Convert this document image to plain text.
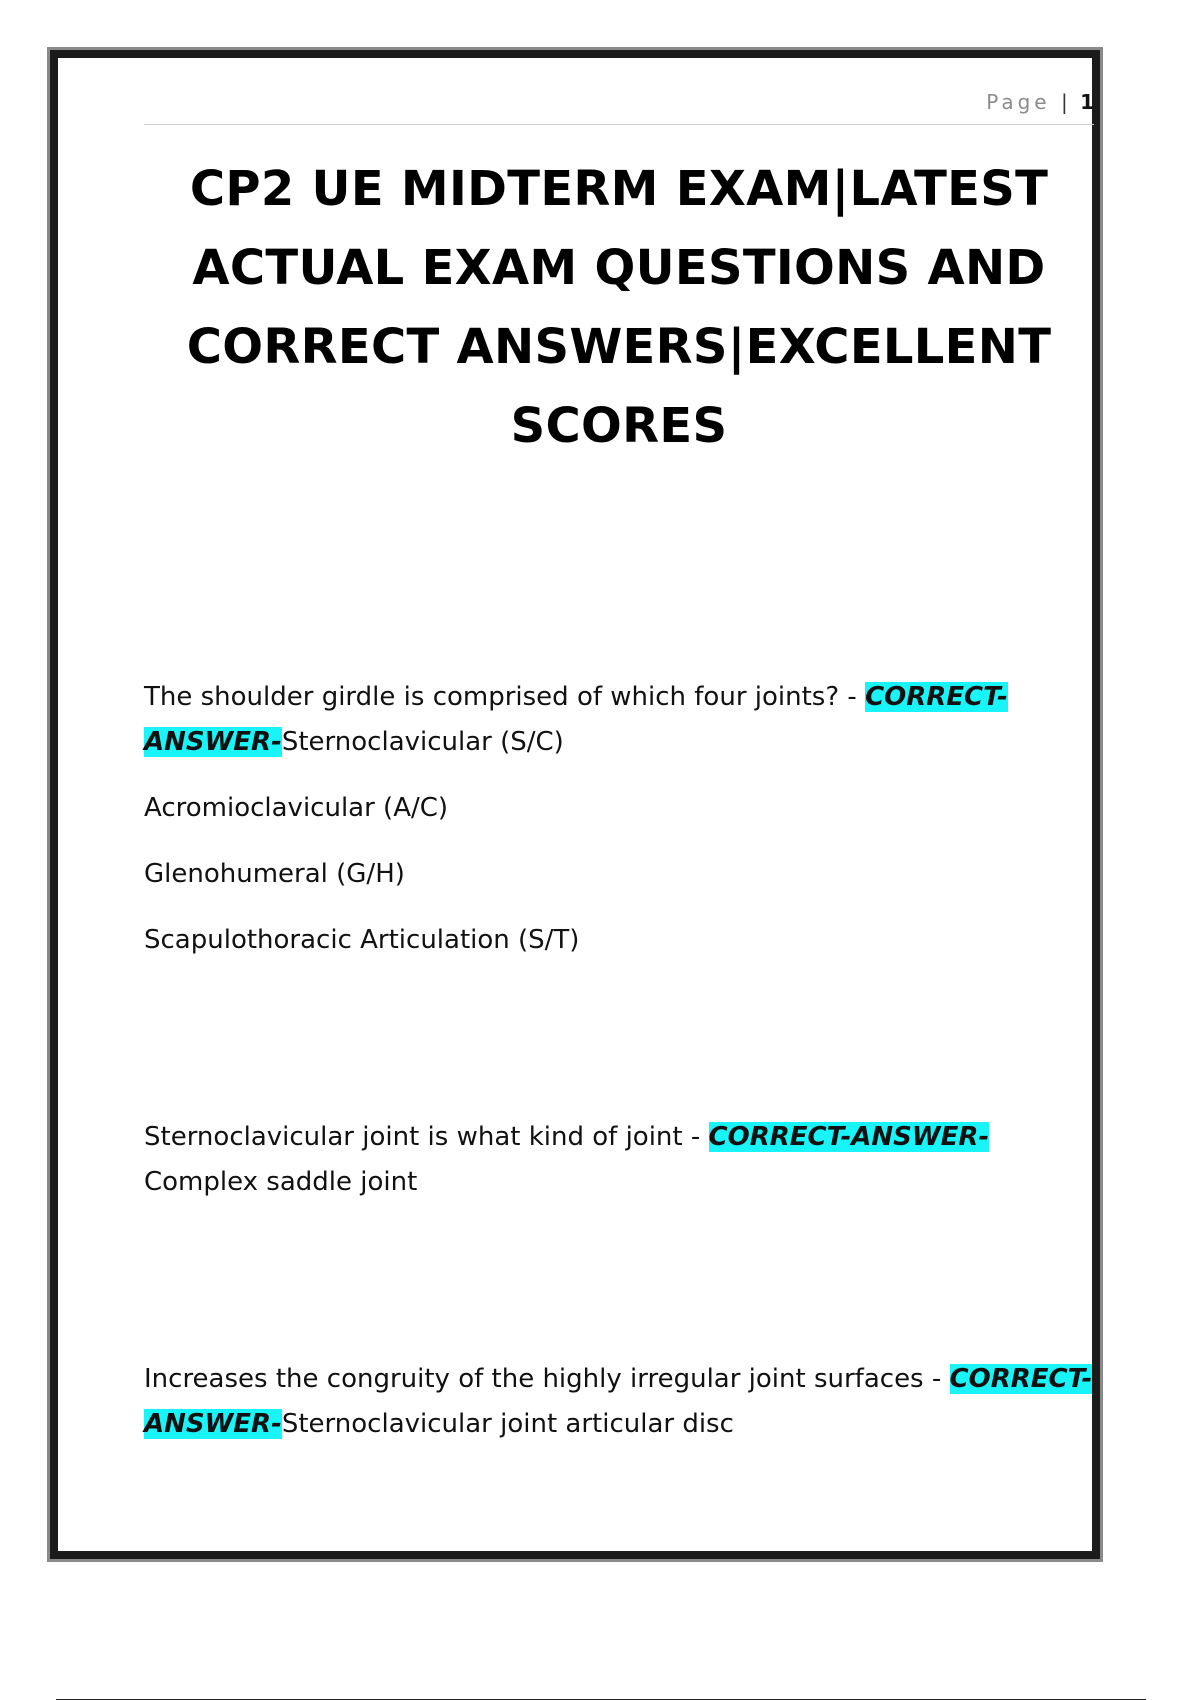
Page | 1
CP2 UE MIDTERM EXAM|LATEST ACTUAL EXAM QUESTIONS AND CORRECT ANSWERS|EXCELLENT SCORES

The shoulder girdle is comprised of which four joints? - CORRECT-ANSWER-Sternoclavicular (S/C)

Acromioclavicular (A/C)

Glenohumeral (G/H)

Scapulothoracic Articulation (S/T)

Sternoclavicular joint is what kind of joint - CORRECT-ANSWER-Complex saddle joint

Increases the congruity of the highly irregular joint surfaces - CORRECT-ANSWER-Sternoclavicular joint articular disc
